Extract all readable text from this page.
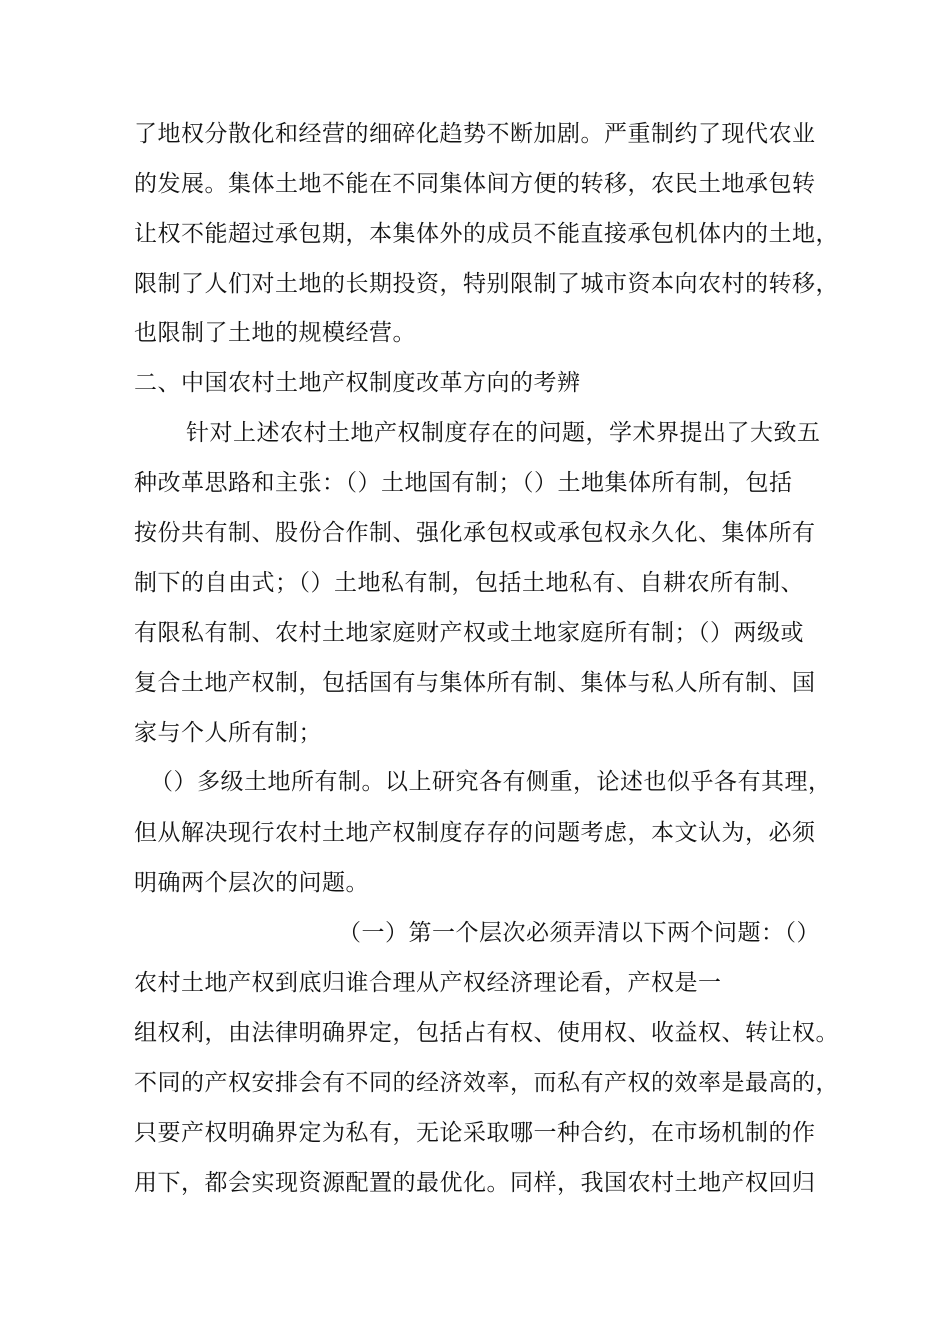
了地权分散化和经营的细碎化趋势不断加剧。严重制约了现代农业
的发展。集体土地不能在不同集体间方便的转移，农民土地承包转
让权不能超过承包期，本集体外的成员不能直接承包机体内的土地，
限制了人们对土地的长期投资，特别限制了城市资本向农村的转移，
也限制了土地的规模经营。
二、中国农村土地产权制度改革方向的考辨
针对上述农村土地产权制度存在的问题，学术界提出了大致五
种改革思路和主张：（）土地国有制；（）土地集体所有制，包括
按份共有制、股份合作制、强化承包权或承包权永久化、集体所有
制下的自由式；（）土地私有制，包括土地私有、自耕农所有制、
有限私有制、农村土地家庭财产权或土地家庭所有制；（）两级或
复合土地产权制，包括国有与集体所有制、集体与私人所有制、国
家与个人所有制；
（）多级土地所有制。以上研究各有侧重，论述也似乎各有其理，
但从解决现行农村土地产权制度存存的问题考虑，本文认为，必须
明确两个层次的问题。
（一）第一个层次必须弄清以下两个问题：（）
农村土地产权到底归谁合理从产权经济理论看，产权是一
组权利，由法律明确界定，包括占有权、使用权、收益权、转让权。
不同的产权安排会有不同的经济效率，而私有产权的效率是最高的，
只要产权明确界定为私有，无论采取哪一种合约，在市场机制的作
用下，都会实现资源配置的最优化。同样，我国农村土地产权回归
